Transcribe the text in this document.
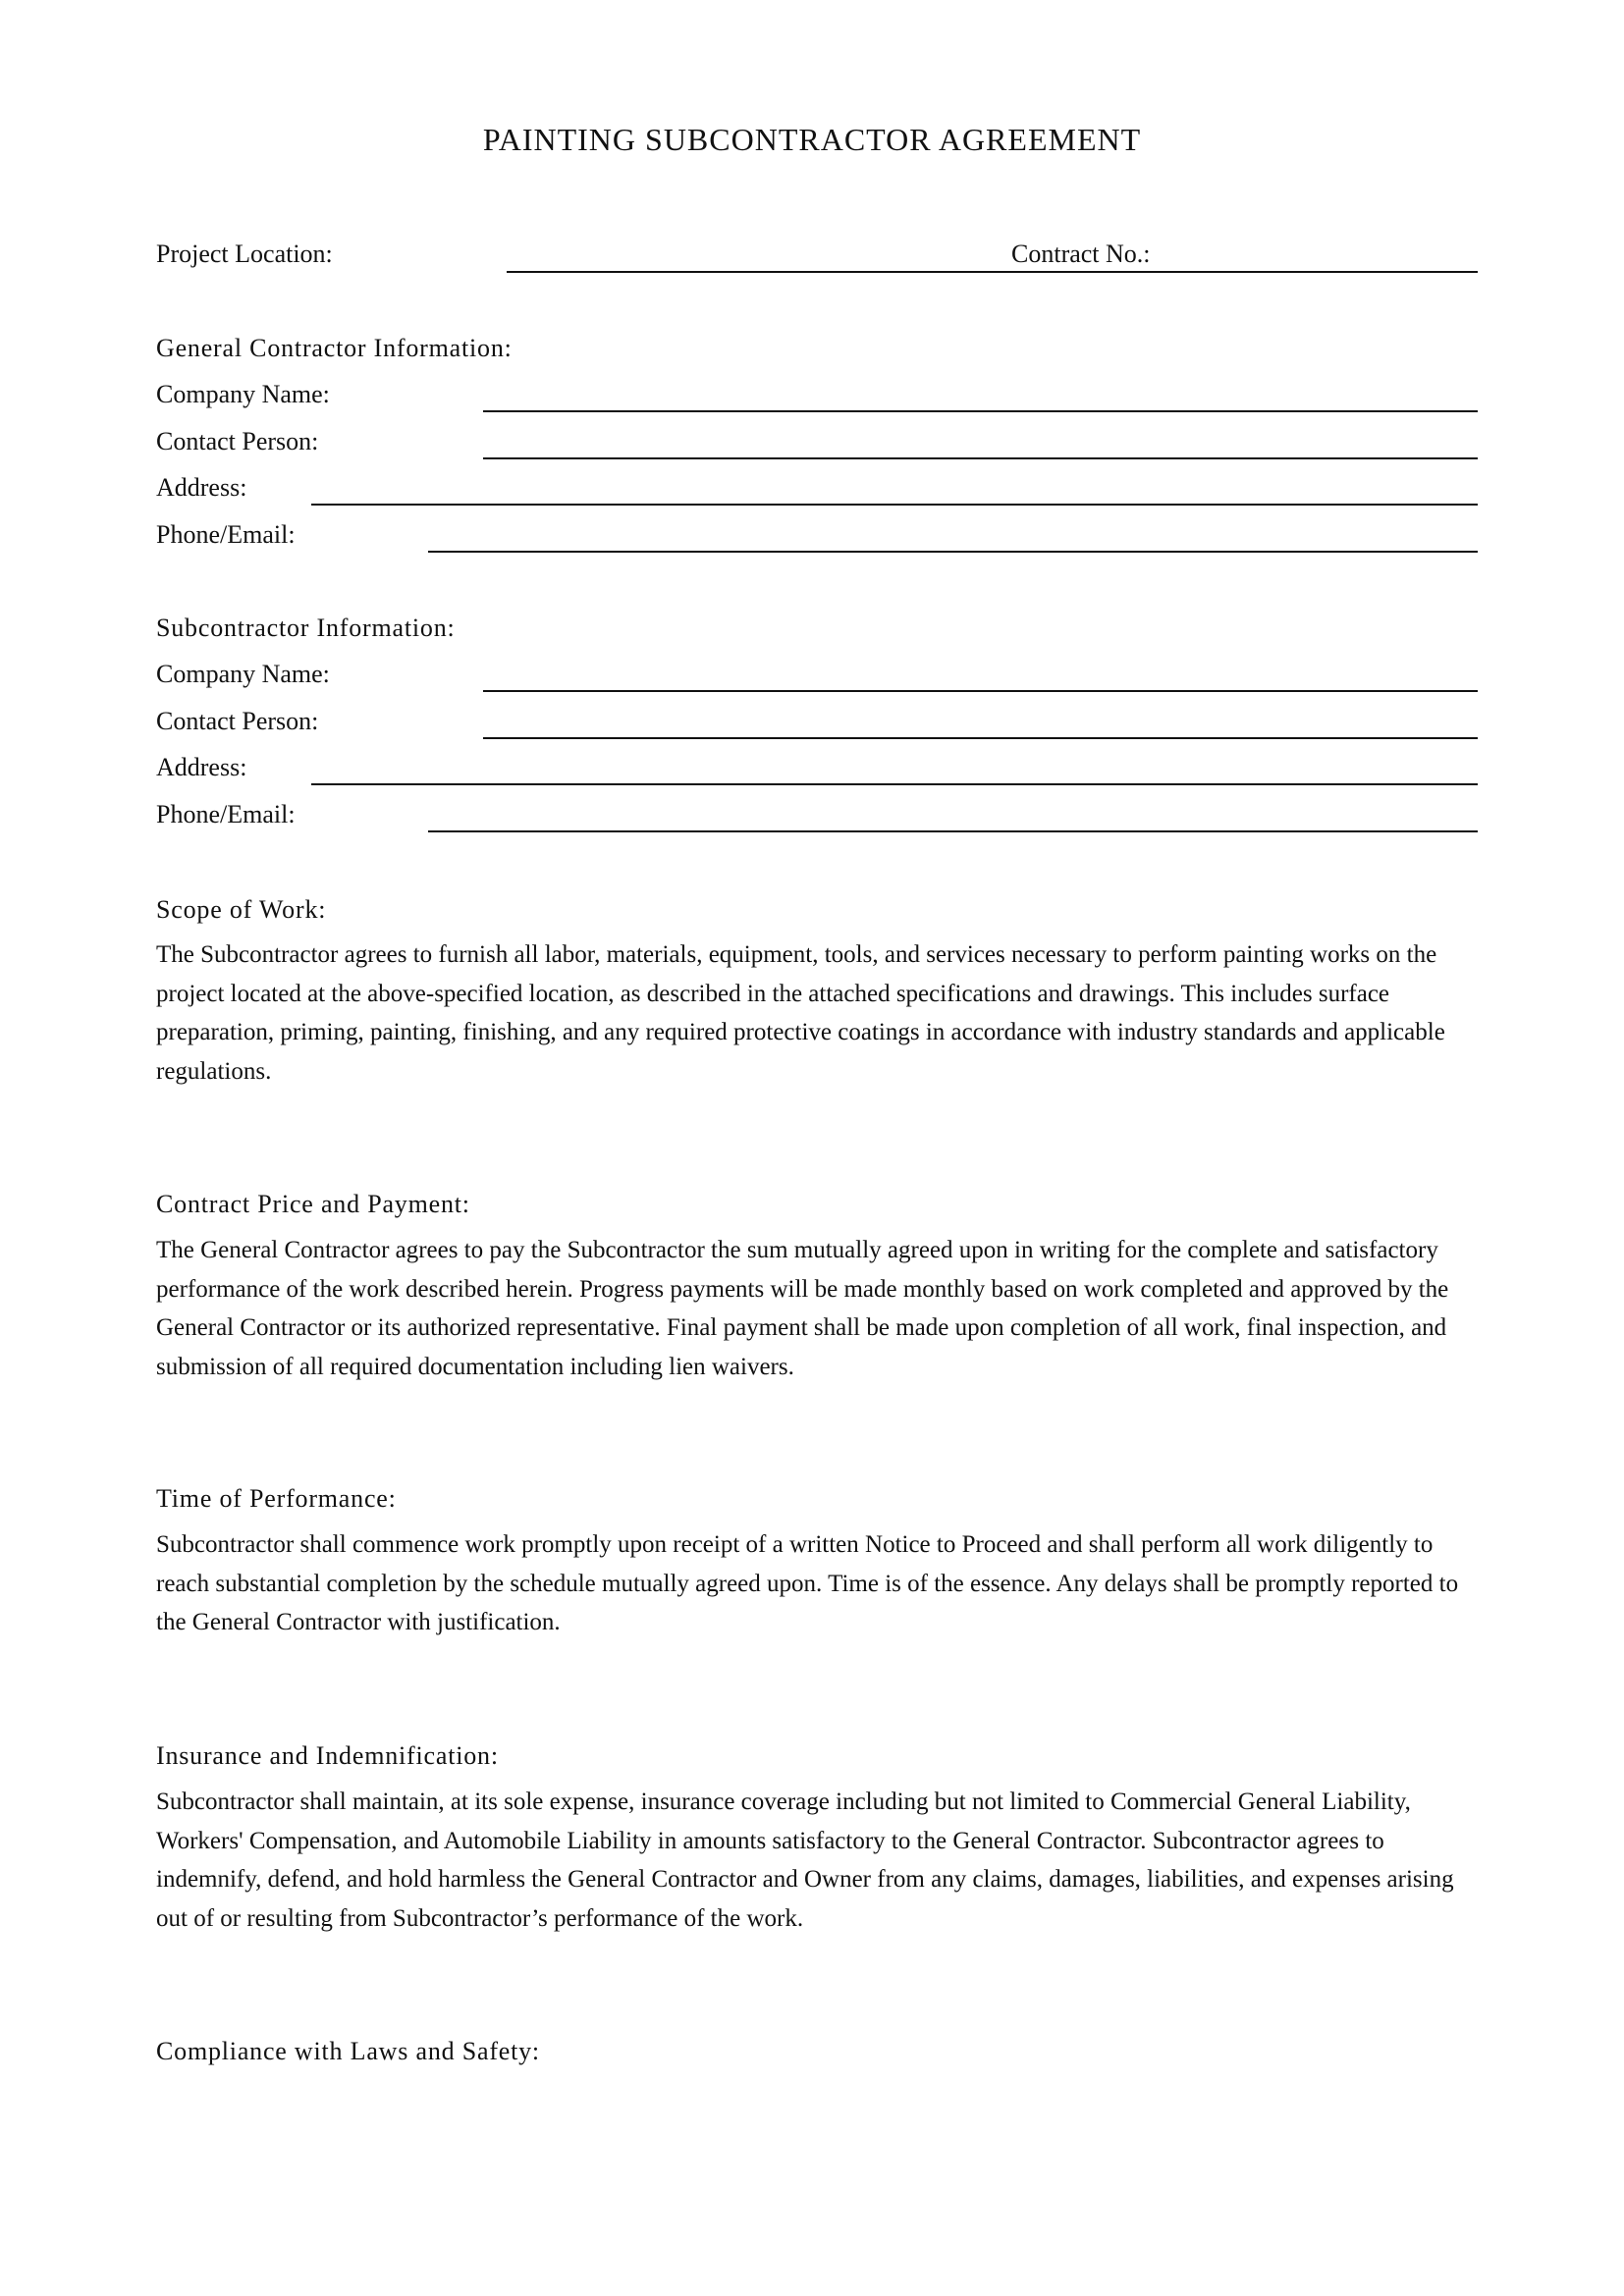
PAINTING SUBCONTRACTOR AGREEMENT
Project Location:	Contract No.:
General Contractor Information:
Company Name:
Contact Person:
Address:
Phone/Email:
Subcontractor Information:
Company Name:
Contact Person:
Address:
Phone/Email:
Scope of Work:
The Subcontractor agrees to furnish all labor, materials, equipment, tools, and services necessary to perform painting works on the project located at the above-specified location, as described in the attached specifications and drawings. This includes surface preparation, priming, painting, finishing, and any required protective coatings in accordance with industry standards and applicable regulations.
Contract Price and Payment:
The General Contractor agrees to pay the Subcontractor the sum mutually agreed upon in writing for the complete and satisfactory performance of the work described herein. Progress payments will be made monthly based on work completed and approved by the General Contractor or its authorized representative. Final payment shall be made upon completion of all work, final inspection, and submission of all required documentation including lien waivers.
Time of Performance:
Subcontractor shall commence work promptly upon receipt of a written Notice to Proceed and shall perform all work diligently to reach substantial completion by the schedule mutually agreed upon. Time is of the essence. Any delays shall be promptly reported to the General Contractor with justification.
Insurance and Indemnification:
Subcontractor shall maintain, at its sole expense, insurance coverage including but not limited to Commercial General Liability, Workers' Compensation, and Automobile Liability in amounts satisfactory to the General Contractor. Subcontractor agrees to indemnify, defend, and hold harmless the General Contractor and Owner from any claims, damages, liabilities, and expenses arising out of or resulting from Subcontractor’s performance of the work.
Compliance with Laws and Safety:
